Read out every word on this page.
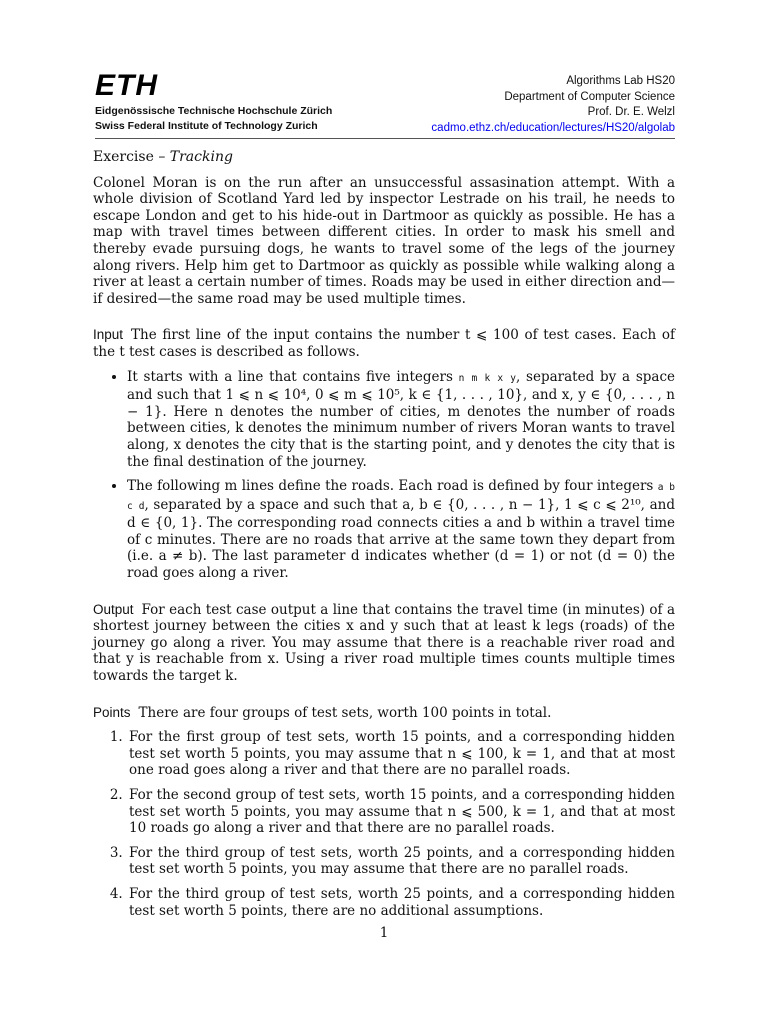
ETH
Eidgenössische Technische Hochschule Zürich
Swiss Federal Institute of Technology Zurich
Algorithms Lab HS20
Department of Computer Science
Prof. Dr. E. Welzl
cadmo.ethz.ch/education/lectures/HS20/algolab
Exercise – Tracking

Colonel Moran is on the run after an unsuccessful assasination attempt. With a whole division of Scotland Yard led by inspector Lestrade on his trail, he needs to escape London and get to his hide-out in Dartmoor as quickly as possible. He has a map with travel times between different cities. In order to mask his smell and thereby evade pursuing dogs, he wants to travel some of the legs of the journey along rivers. Help him get to Dartmoor as quickly as possible while walking along a river at least a certain number of times. Roads may be used in either direction and—if desired—the same road may be used multiple times.

Input The first line of the input contains the number t ⩽ 100 of test cases. Each of the t test cases is described as follows.

• It starts with a line that contains five integers n m k x y, separated by a space and such that 1 ⩽ n ⩽ 10⁴, 0 ⩽ m ⩽ 10⁵, k ∈ {1, . . . , 10}, and x, y ∈ {0, . . . , n − 1}. Here n denotes the number of cities, m denotes the number of roads between cities, k denotes the minimum number of rivers Moran wants to travel along, x denotes the city that is the starting point, and y denotes the city that is the final destination of the journey.
• The following m lines define the roads. Each road is defined by four integers a b c d, separated by a space and such that a, b ∈ {0, . . . , n − 1}, 1 ⩽ c ⩽ 2¹⁰, and d ∈ {0, 1}. The corresponding road connects cities a and b within a travel time of c minutes. There are no roads that arrive at the same town they depart from (i.e. a ≠ b). The last parameter d indicates whether (d = 1) or not (d = 0) the road goes along a river.

Output For each test case output a line that contains the travel time (in minutes) of a shortest journey between the cities x and y such that at least k legs (roads) of the journey go along a river. You may assume that there is a reachable river road and that y is reachable from x. Using a river road multiple times counts multiple times towards the target k.

Points There are four groups of test sets, worth 100 points in total.

1. For the first group of test sets, worth 15 points, and a corresponding hidden test set worth 5 points, you may assume that n ⩽ 100, k = 1, and that at most one road goes along a river and that there are no parallel roads.
2. For the second group of test sets, worth 15 points, and a corresponding hidden test set worth 5 points, you may assume that n ⩽ 500, k = 1, and that at most 10 roads go along a river and that there are no parallel roads.
3. For the third group of test sets, worth 25 points, and a corresponding hidden test set worth 5 points, you may assume that there are no parallel roads.
4. For the third group of test sets, worth 25 points, and a corresponding hidden test set worth 5 points, there are no additional assumptions.
1
